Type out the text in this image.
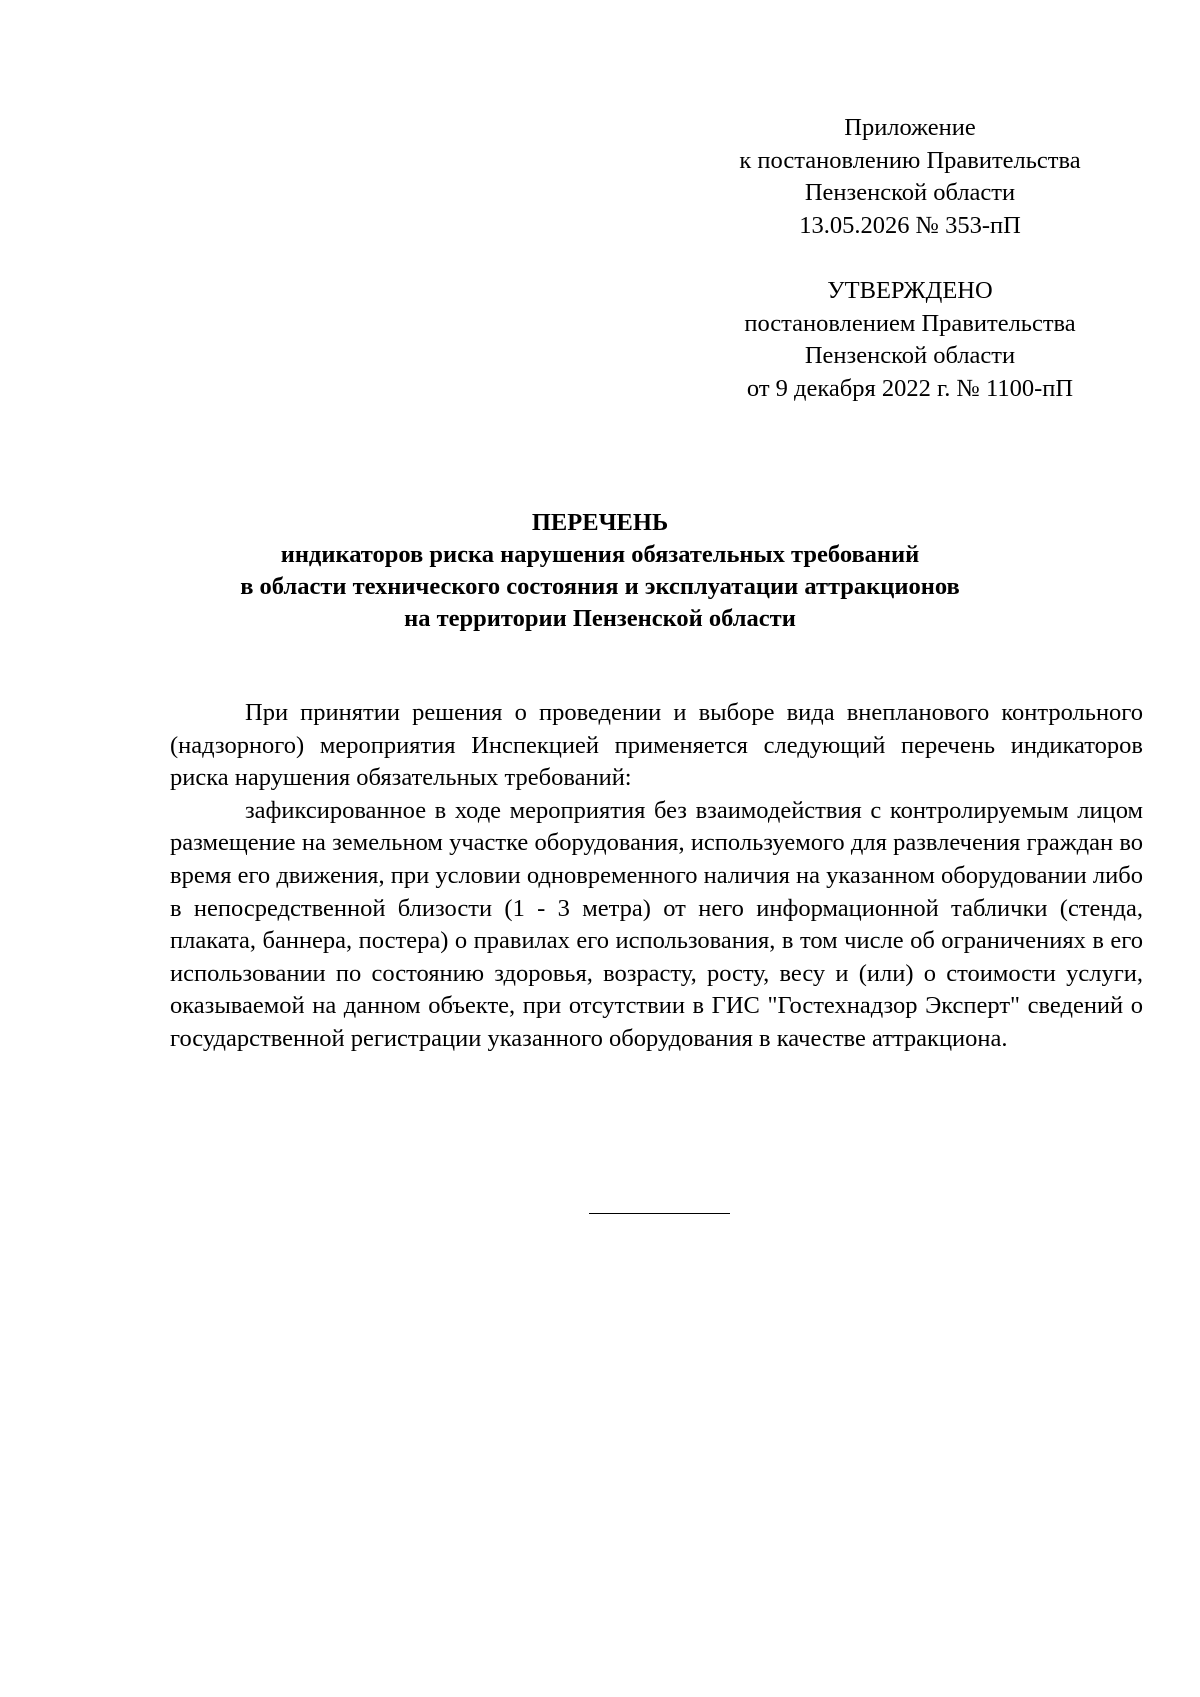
Приложение
к постановлению Правительства
Пензенской области
13.05.2026 № 353-пП
УТВЕРЖДЕНО
постановлением Правительства
Пензенской области
от 9 декабря 2022 г. № 1100-пП
ПЕРЕЧЕНЬ
индикаторов риска нарушения обязательных требований
в области технического состояния и эксплуатации аттракционов
на территории Пензенской области

При принятии решения о проведении и выборе вида внепланового контрольного (надзорного) мероприятия Инспекцией применяется следующий перечень индикаторов риска нарушения обязательных требований:

зафиксированное в ходе мероприятия без взаимодействия с контролируемым лицом размещение на земельном участке оборудования, используемого для развлечения граждан во время его движения, при условии одновременного наличия на указанном оборудовании либо в непосредственной близости (1 - 3 метра) от него информационной таблички (стенда, плаката, баннера, постера) о правилах его использования, в том числе об ограничениях в его использовании по состоянию здоровья, возрасту, росту, весу и (или) о стоимости услуги, оказываемой на данном объекте, при отсутствии в ГИС "Гостехнадзор Эксперт" сведений о государственной регистрации указанного оборудования в качестве аттракциона.
